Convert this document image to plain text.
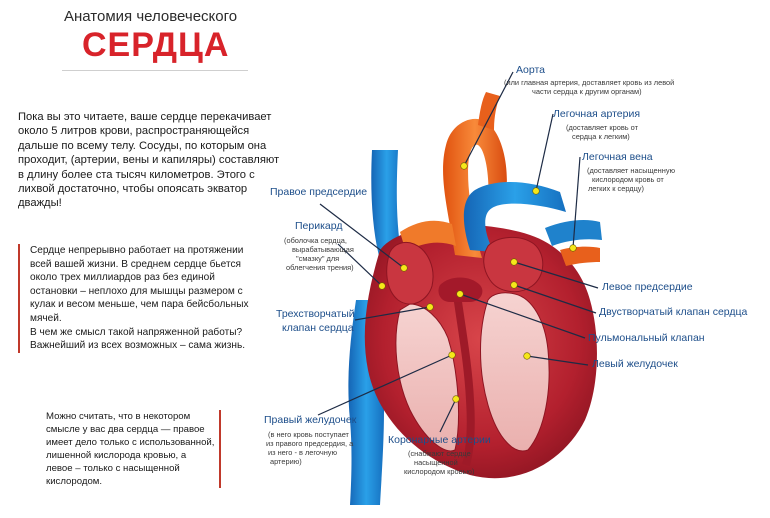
Анатомия человеческого
СЕРДЦА
Пока вы это читаете, ваше сердце перекачивает около 5 литров крови, распространяющейся дальше по всему телу. Сосуды, по которым она проходит, (артерии, вены и капиляры) составляют в длину более ста тысяч километров. Этого с лихвой достаточно, чтобы опоясать экватор дважды!

Сердце непрерывно работает на протяжении всей вашей жизни. В среднем сердце бьется около трех миллиардов раз без единой остановки – неплохо для мышцы размером с кулак и весом меньше, чем пара бейсбольных мячей.

В чем же смысл такой напряженной работы?

Важнейший из всех возможных – сама жизнь.

Можно считать, что в некотором смысле у вас два сердца — правое имеет дело только с использованной, лишенной кислорода кровью, а левое – только с насыщенной кислородом.
Аорта
(или главная артерия, доставляет кровь из левой
части сердца к другим органам)
Легочная артерия
(доставляет кровь от
сердца к легким)
Легочная вена
(доставляет насыщенную
кислородом кровь от
легких к сердцу)
Правое предсердие
Перикард
(оболочка сердца,
вырабатывающая
"смазку" для
облегчения трения)
Трехстворчатый
клапан сердца
Левое предсердие
Двустворчатый клапан сердца
Пульмональный клапан
Левый желудочек
Правый желудочек
(в него кровь поступает
из правого предсердия, а
из него - в легочную
артерию)
Коронарные артерии
(снабжают сердце
насыщенной
кислородом кровью)
